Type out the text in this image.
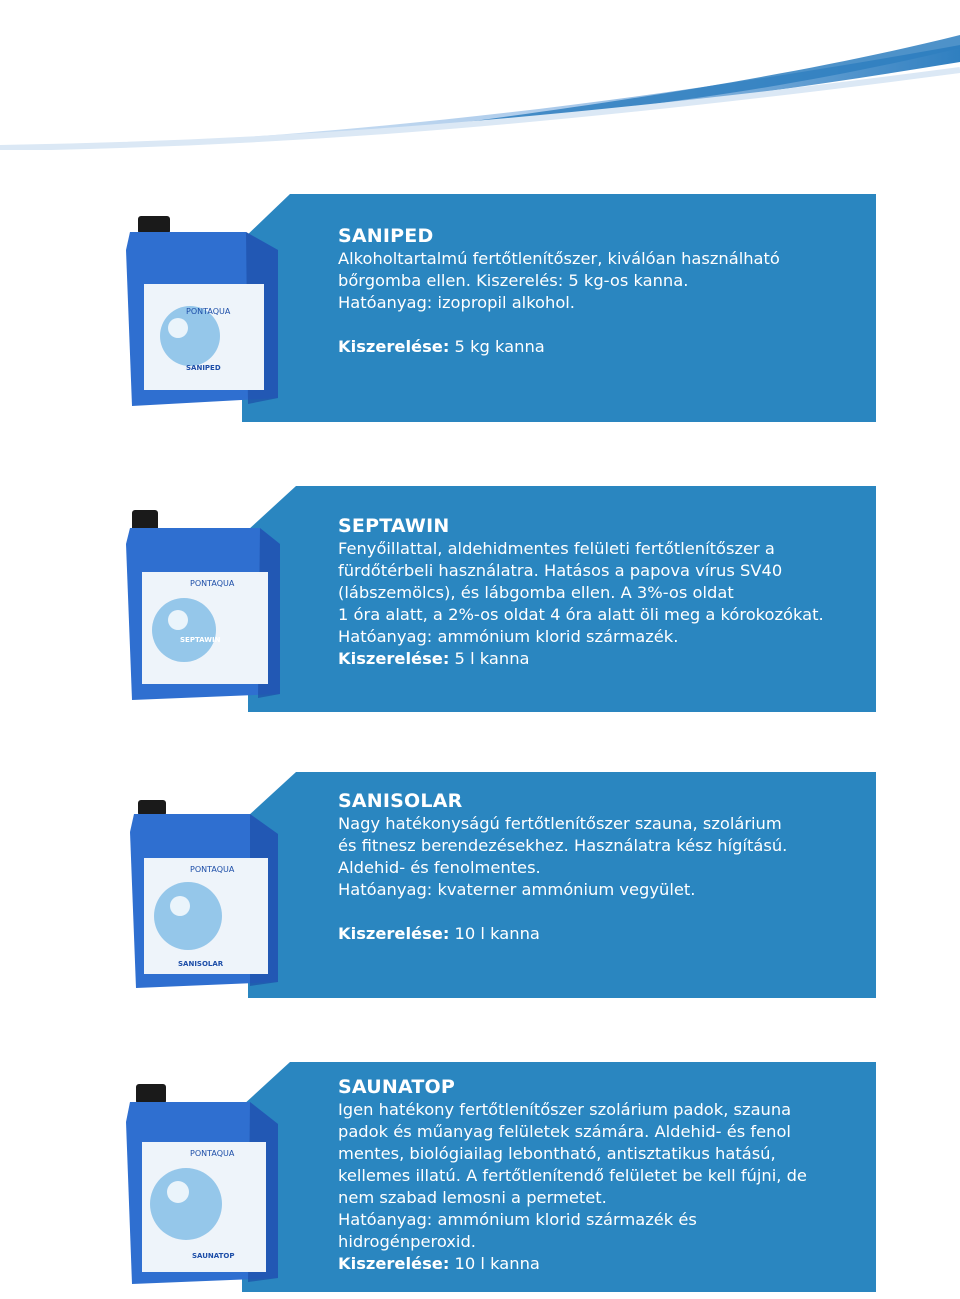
SANIPED

Alkoholtartalmú fertőtlenítőszer, kiválóan használható
bőrgomba ellen. Kiszerelés: 5 kg-os kanna.
Hatóanyag: izopropil alkohol.

Kiszerelése: 5 kg kanna

SEPTAWIN

Fenyőillattal, aldehidmentes felületi fertőtlenítőszer a
fürdőtérbeli használatra. Hatásos a papova vírus SV40
(lábszemölcs), és lábgomba ellen. A 3%-os oldat
1 óra alatt, a 2%-os oldat 4 óra alatt öli meg a kórokozókat.
Hatóanyag: ammónium klorid származék.

Kiszerelése: 5 l kanna

SANISOLAR

Nagy hatékonyságú fertőtlenítőszer szauna, szolárium
és fitnesz berendezésekhez. Használatra kész hígítású.
Aldehid- és fenolmentes.
Hatóanyag: kvaterner ammónium vegyület.

Kiszerelése: 10 l kanna

SAUNATOP

Igen hatékony fertőtlenítőszer szolárium padok, szauna
padok és műanyag felületek számára. Aldehid- és fenol
mentes, biológiailag lebontható, antisztatikus hatású,
kellemes illatú. A fertőtlenítendő felületet be kell fújni, de
nem szabad lemosni a permetet.
Hatóanyag: ammónium klorid származék és
hidrogénperoxid.

Kiszerelése: 10 l kanna

PONTAQUA
SANIPED
PONTAQUA
SEPTAWIN
PONTAQUA
SANISOLAR
PONTAQUA
SAUNATOP
